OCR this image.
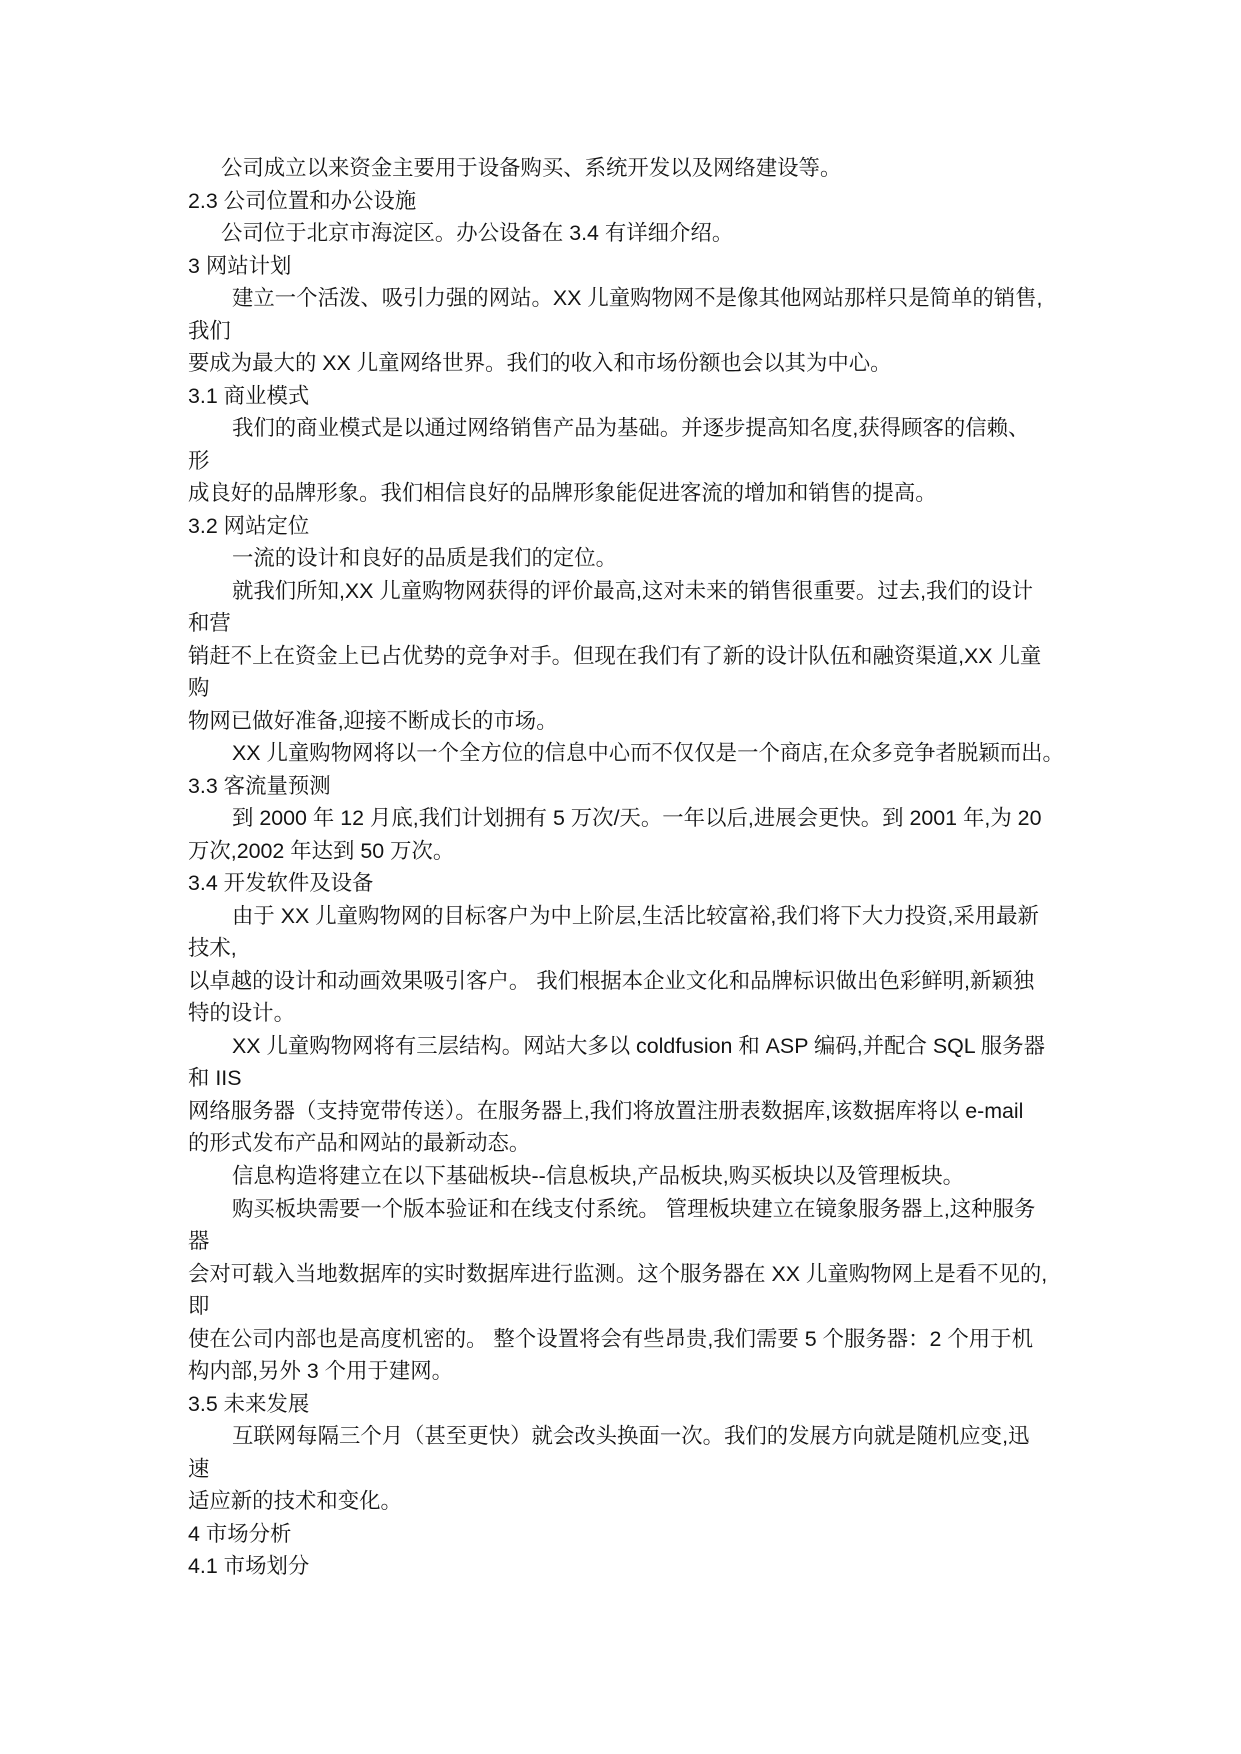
公司成立以来资金主要用于设备购买、系统开发以及网络建设等。
2.3 公司位置和办公设施
公司位于北京市海淀区。办公设备在 3.4 有详细介绍。
3 网站计划
建立一个活泼、吸引力强的网站。XX 儿童购物网不是像其他网站那样只是简单的销售,
我们
要成为最大的 XX 儿童网络世界。我们的收入和市场份额也会以其为中心。
3.1 商业模式
我们的商业模式是以通过网络销售产品为基础。并逐步提高知名度,获得顾客的信赖、
形
成良好的品牌形象。我们相信良好的品牌形象能促进客流的增加和销售的提高。
3.2 网站定位
一流的设计和良好的品质是我们的定位。
就我们所知,XX 儿童购物网获得的评价最高,这对未来的销售很重要。过去,我们的设计
和营
销赶不上在资金上已占优势的竞争对手。但现在我们有了新的设计队伍和融资渠道,XX 儿童
购
物网已做好准备,迎接不断成长的市场。
XX 儿童购物网将以一个全方位的信息中心而不仅仅是一个商店,在众多竞争者脱颖而出。
3.3 客流量预测
到 2000 年 12 月底,我们计划拥有 5 万次/天。一年以后,进展会更快。到 2001 年,为 20
万次,2002 年达到 50 万次。
3.4 开发软件及设备
由于 XX 儿童购物网的目标客户为中上阶层,生活比较富裕,我们将下大力投资,采用最新
技术,
以卓越的设计和动画效果吸引客户。 我们根据本企业文化和品牌标识做出色彩鲜明,新颖独
特的设计。
XX 儿童购物网将有三层结构。网站大多以 coldfusion 和 ASP 编码,并配合 SQL 服务器
和 IIS
网络服务器（支持宽带传送）。在服务器上,我们将放置注册表数据库,该数据库将以 e-mail
的形式发布产品和网站的最新动态。
信息构造将建立在以下基础板块--信息板块,产品板块,购买板块以及管理板块。
购买板块需要一个版本验证和在线支付系统。 管理板块建立在镜象服务器上,这种服务
器
会对可载入当地数据库的实时数据库进行监测。这个服务器在 XX 儿童购物网上是看不见的,
即
使在公司内部也是高度机密的。 整个设置将会有些昂贵,我们需要 5 个服务器：2 个用于机
构内部,另外 3 个用于建网。
3.5 未来发展
互联网每隔三个月（甚至更快）就会改头换面一次。我们的发展方向就是随机应变,迅
速
适应新的技术和变化。
4 市场分析
4.1 市场划分
